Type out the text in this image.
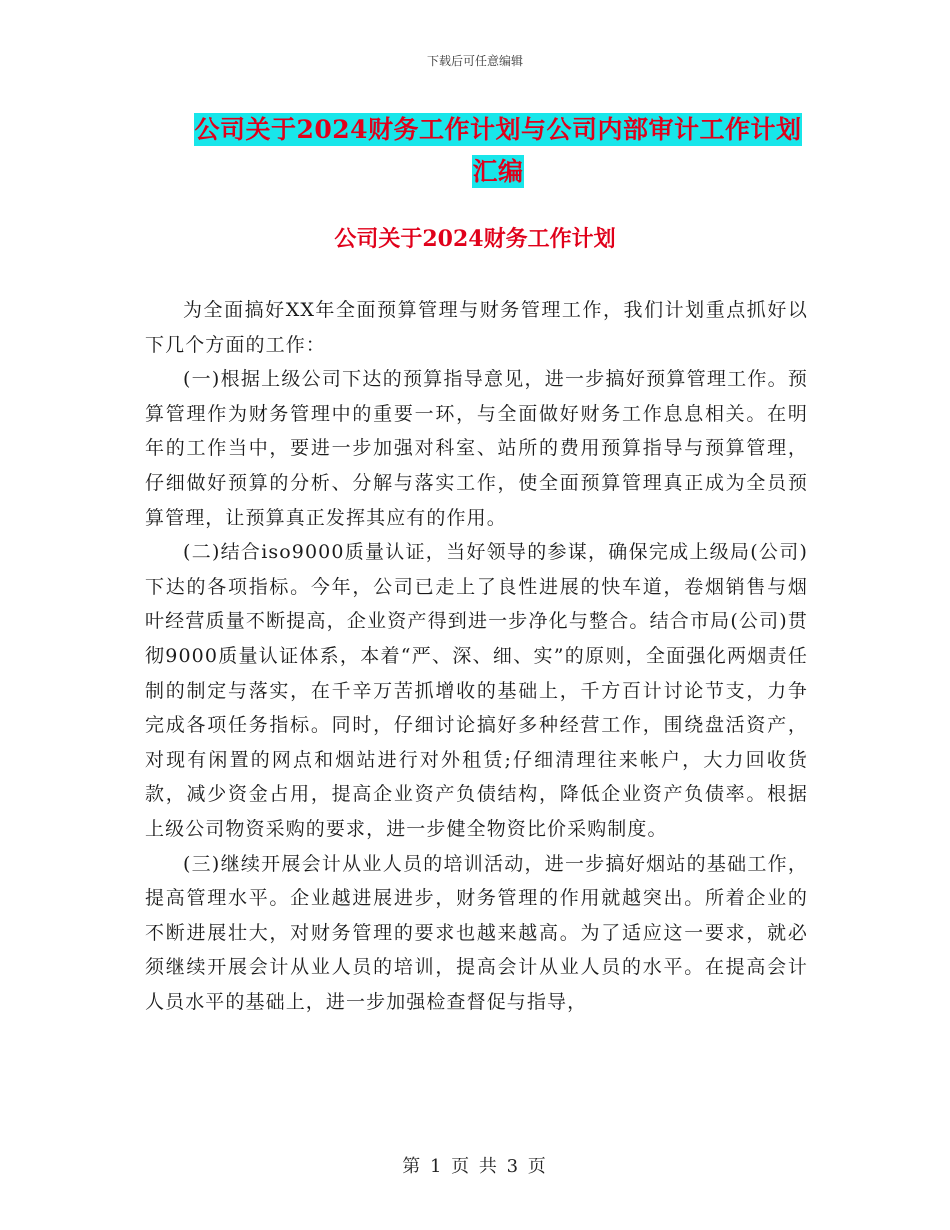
下载后可任意编辑
公司关于2024财务工作计划与公司内部审计工作计划
汇编
公司关于2024财务工作计划

为全面搞好XX年全面预算管理与财务管理工作，我们计划重点抓好以下几个方面的工作：

(一)根据上级公司下达的预算指导意见，进一步搞好预算管理工作。预算管理作为财务管理中的重要一环，与全面做好财务工作息息相关。在明年的工作当中，要进一步加强对科室、站所的费用预算指导与预算管理，仔细做好预算的分析、分解与落实工作，使全面预算管理真正成为全员预算管理，让预算真正发挥其应有的作用。

(二)结合iso9000质量认证，当好领导的参谋，确保完成上级局(公司)下达的各项指标。今年，公司已走上了良性进展的快车道，卷烟销售与烟叶经营质量不断提高，企业资产得到进一步净化与整合。结合市局(公司)贯彻9000质量认证体系，本着“严、深、细、实”的原则，全面强化两烟责任制的制定与落实，在千辛万苦抓增收的基础上，千方百计讨论节支，力争完成各项任务指标。同时，仔细讨论搞好多种经营工作，围绕盘活资产，对现有闲置的网点和烟站进行对外租赁;仔细清理往来帐户，大力回收货款，减少资金占用，提高企业资产负债结构，降低企业资产负债率。根据上级公司物资采购的要求，进一步健全物资比价采购制度。

(三)继续开展会计从业人员的培训活动，进一步搞好烟站的基础工作，提高管理水平。企业越进展进步，财务管理的作用就越突出。所着企业的不断进展壮大，对财务管理的要求也越来越高。为了适应这一要求，就必须继续开展会计从业人员的培训，提高会计从业人员的水平。在提高会计人员水平的基础上，进一步加强检查督促与指导，

第 1 页 共 3 页
